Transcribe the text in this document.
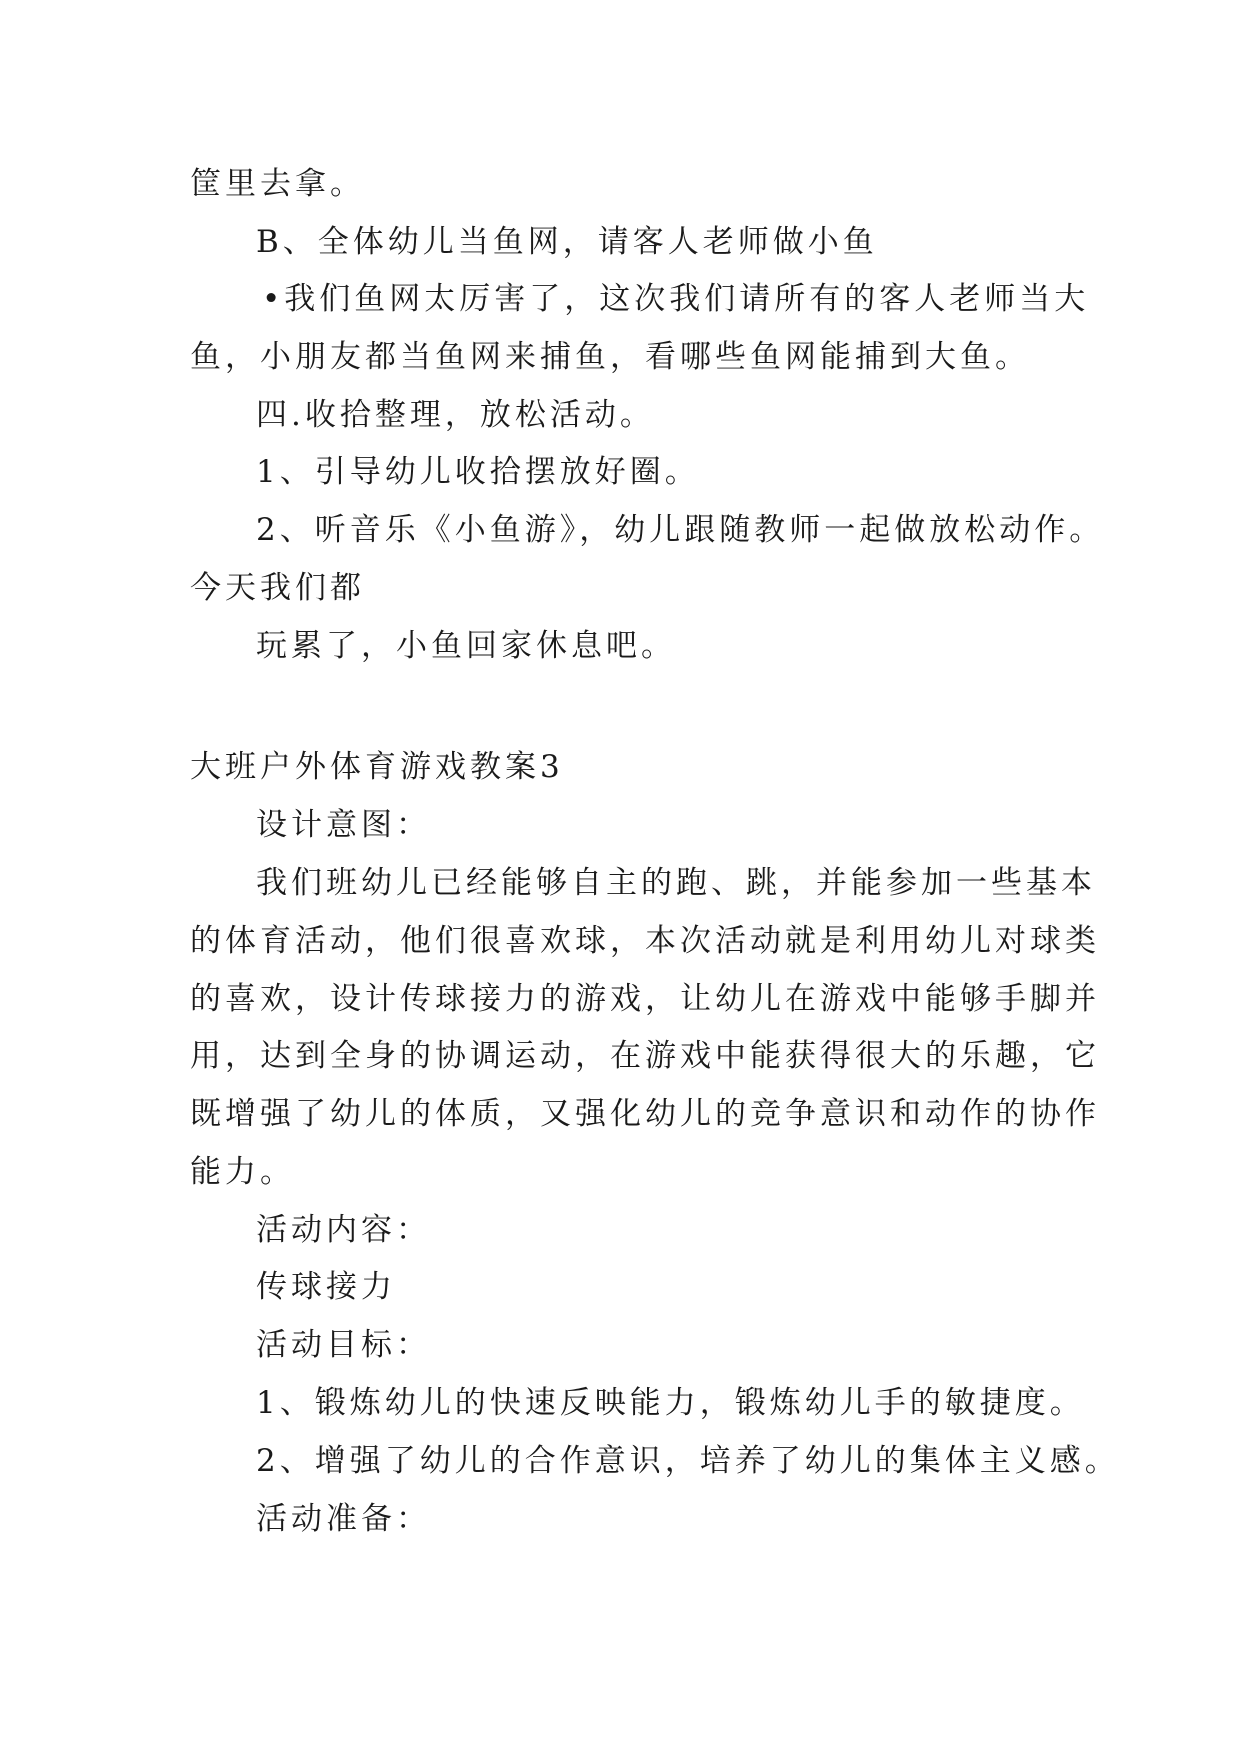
筐里去拿。
B、全体幼儿当鱼网，请客人老师做小鱼
•我们鱼网太厉害了，这次我们请所有的客人老师当大
鱼，小朋友都当鱼网来捕鱼，看哪些鱼网能捕到大鱼。
四.收拾整理，放松活动。
1、引导幼儿收拾摆放好圈。
2、听音乐《小鱼游》，幼儿跟随教师一起做放松动作。
今天我们都
玩累了，小鱼回家休息吧。
大班户外体育游戏教案3
设计意图：
我们班幼儿已经能够自主的跑、跳，并能参加一些基本
的体育活动，他们很喜欢球，本次活动就是利用幼儿对球类
的喜欢，设计传球接力的游戏，让幼儿在游戏中能够手脚并
用，达到全身的协调运动，在游戏中能获得很大的乐趣，它
既增强了幼儿的体质，又强化幼儿的竞争意识和动作的协作
能力。
活动内容：
传球接力
活动目标：
1、锻炼幼儿的快速反映能力，锻炼幼儿手的敏捷度。
2、增强了幼儿的合作意识，培养了幼儿的集体主义感。
活动准备：
